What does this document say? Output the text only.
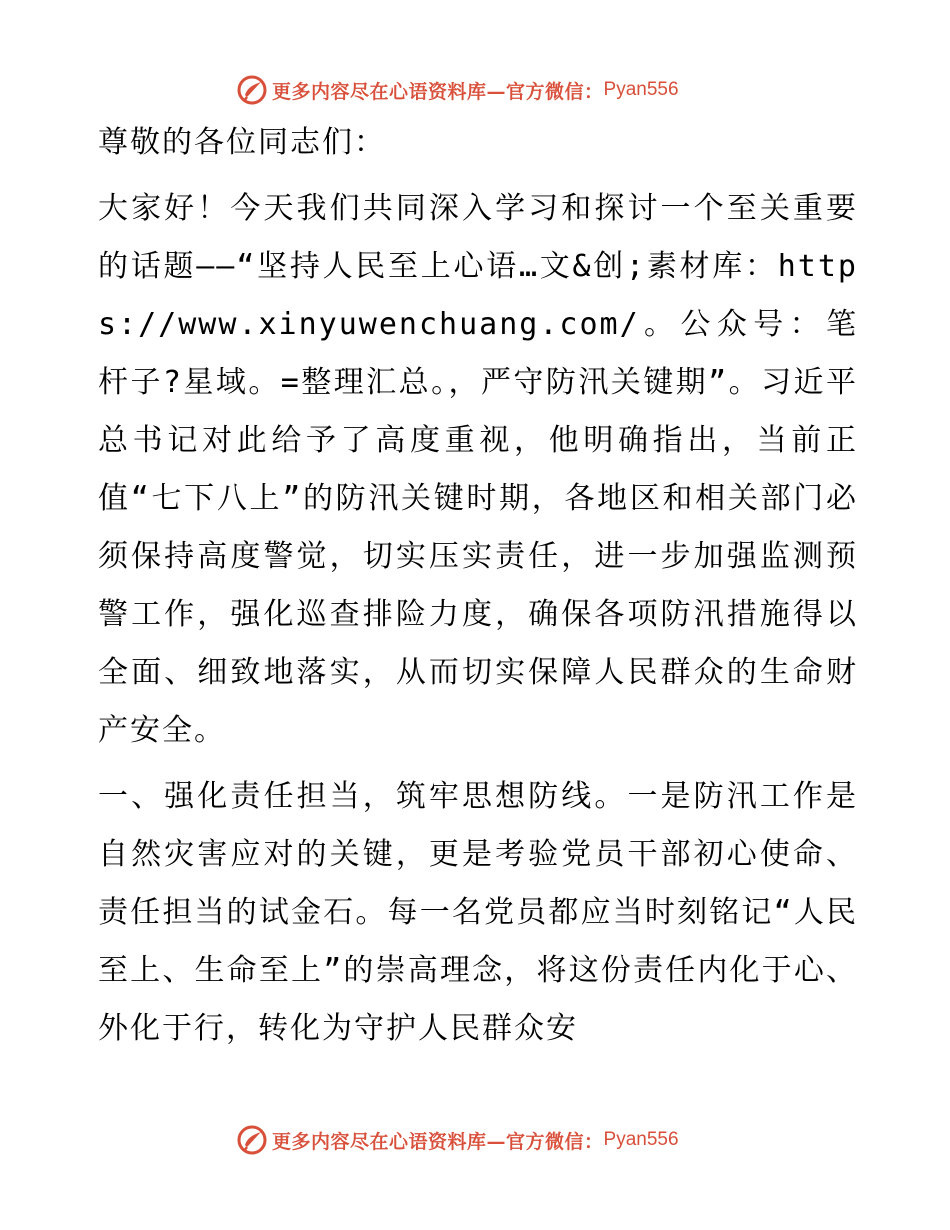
更多内容尽在心语资料库—官方微信： Pyan556

尊敬的各位同志们：

大家好！今天我们共同深入学习和探讨一个至关重要的话题——“坚持人民至上心语…文&创;素材库：https://www.xinyuwenchuang.com/。公众号：笔杆子?星域。=整理汇总。，严守防汛关键期”。习近平总书记对此给予了高度重视，他明确指出，当前正值“七下八上”的防汛关键时期，各地区和相关部门必须保持高度警觉，切实压实责任，进一步加强监测预警工作，强化巡查排险力度，确保各项防汛措施得以全面、细致地落实，从而切实保障人民群众的生命财产安全。

一、强化责任担当，筑牢思想防线。一是防汛工作是自然灾害应对的关键，更是考验党员干部初心使命、责任担当的试金石。每一名党员都应当时刻铭记“人民至上、生命至上”的崇高理念，将这份责任内化于心、外化于行，转化为守护人民群众安

更多内容尽在心语资料库—官方微信： Pyan556
